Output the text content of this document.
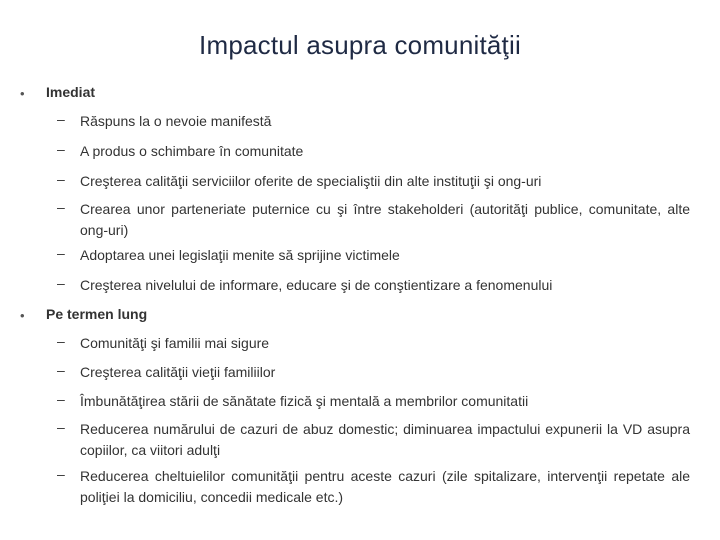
Impactul asupra comunităţii
• Imediat
– Răspuns la o nevoie manifestă
– A produs o schimbare în comunitate
– Creşterea calităţii serviciilor oferite de specialiştii din alte instituţii şi ong-uri
– Crearea unor parteneriate puternice cu şi între stakeholderi (autorităţi publice, comunitate, alte ong-uri)
– Adoptarea unei legislaţii menite să sprijine victimele
– Creşterea nivelului de informare, educare şi de conştientizare a fenomenului
• Pe termen lung
– Comunităţi şi familii mai sigure
– Creşterea calităţii vieţii familiilor
– Îmbunătăţirea stării de sănătate fizică şi mentală a membrilor comunitatii
– Reducerea numărului de cazuri de abuz domestic; diminuarea impactului expunerii la VD asupra copiilor, ca viitori adulţi
– Reducerea cheltuielilor comunităţii pentru aceste cazuri (zile spitalizare, intervenţii repetate ale poliţiei la domiciliu, concedii medicale etc.)
